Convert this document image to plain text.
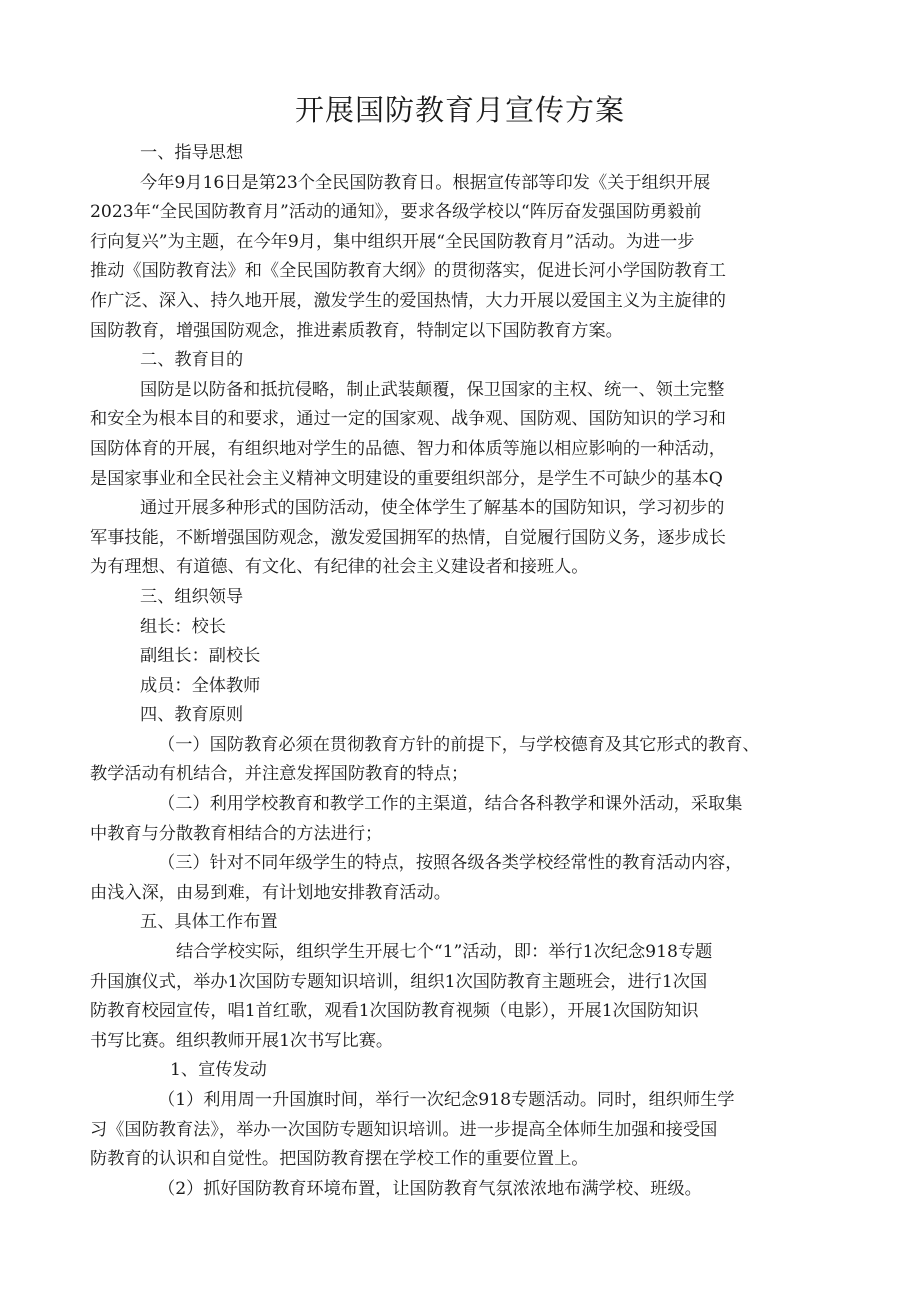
开展国防教育月宣传方案
一、指导思想
今年9月16日是第23个全民国防教育日。根据宣传部等印发《关于组织开展
2023年“全民国防教育月”活动的通知》，要求各级学校以“阵厉奋发强国防勇毅前
行向复兴”为主题，在今年9月，集中组织开展“全民国防教育月”活动。为进一步
推动《国防教育法》和《全民国防教育大纲》的贯彻落实，促进长河小学国防教育工
作广泛、深入、持久地开展，激发学生的爱国热情，大力开展以爱国主义为主旋律的
国防教育，增强国防观念，推进素质教育，特制定以下国防教育方案。
二、教育目的
国防是以防备和抵抗侵略，制止武装颠覆，保卫国家的主权、统一、领土完整
和安全为根本目的和要求，通过一定的国家观、战争观、国防观、国防知识的学习和
国防体育的开展，有组织地对学生的品德、智力和体质等施以相应影响的一种活动，
是国家事业和全民社会主义精神文明建设的重要组织部分，是学生不可缺少的基本Q
通过开展多种形式的国防活动，使全体学生了解基本的国防知识，学习初步的
军事技能，不断增强国防观念，激发爱国拥军的热情，自觉履行国防义务，逐步成长
为有理想、有道德、有文化、有纪律的社会主义建设者和接班人。
三、组织领导
组长：校长
副组长：副校长
成员：全体教师
四、教育原则
（一）国防教育必须在贯彻教育方针的前提下，与学校德育及其它形式的教育、
教学活动有机结合，并注意发挥国防教育的特点；
（二）利用学校教育和教学工作的主渠道，结合各科教学和课外活动，采取集
中教育与分散教育相结合的方法进行；
（三）针对不同年级学生的特点，按照各级各类学校经常性的教育活动内容，
由浅入深，由易到难，有计划地安排教育活动。
五、具体工作布置
结合学校实际，组织学生开展七个“1”活动，即：举行1次纪念918专题
升国旗仪式，举办1次国防专题知识培训，组织1次国防教育主题班会，进行1次国
防教育校园宣传，唱1首红歌，观看1次国防教育视频（电影），开展1次国防知识
书写比赛。组织教师开展1次书写比赛。
1、宣传发动
（1）利用周一升国旗时间，举行一次纪念918专题活动。同时，组织师生学
习《国防教育法》，举办一次国防专题知识培训。进一步提高全体师生加强和接受国
防教育的认识和自觉性。把国防教育摆在学校工作的重要位置上。
（2）抓好国防教育环境布置，让国防教育气氛浓浓地布满学校、班级。
